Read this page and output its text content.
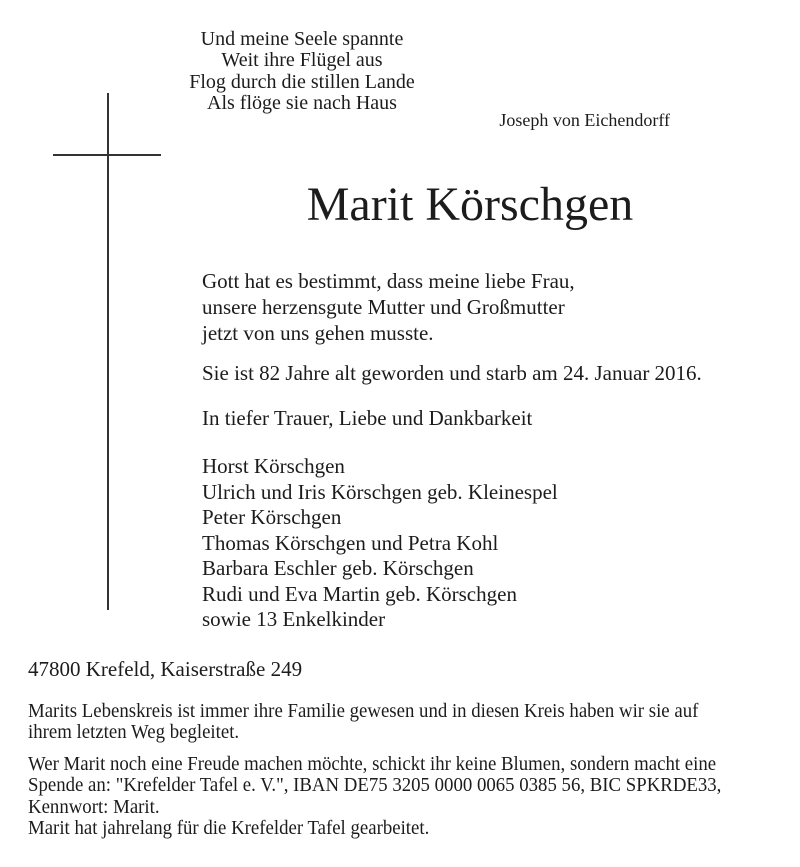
Und meine Seele spannte
Weit ihre Flügel aus
Flog durch die stillen Lande
Als flöge sie nach Haus
Joseph von Eichendorff
Marit Körschgen
Gott hat es bestimmt, dass meine liebe Frau,
unsere herzensgute Mutter und Großmutter
jetzt von uns gehen musste.
Sie ist 82 Jahre alt geworden und starb am 24. Januar 2016.
In tiefer Trauer, Liebe und Dankbarkeit
Horst Körschgen
Ulrich und Iris Körschgen geb. Kleinespel
Peter Körschgen
Thomas Körschgen und Petra Kohl
Barbara Eschler geb. Körschgen
Rudi und Eva Martin geb. Körschgen
sowie 13 Enkelkinder
47800 Krefeld, Kaiserstraße 249
Marits Lebenskreis ist immer ihre Familie gewesen und in diesen Kreis haben wir sie auf
ihrem letzten Weg begleitet.
Wer Marit noch eine Freude machen möchte, schickt ihr keine Blumen, sondern macht eine
Spende an: "Krefelder Tafel e. V.", IBAN DE75 3205 0000 0065 0385 56, BIC SPKRDE33,
Kennwort: Marit.
Marit hat jahrelang für die Krefelder Tafel gearbeitet.
